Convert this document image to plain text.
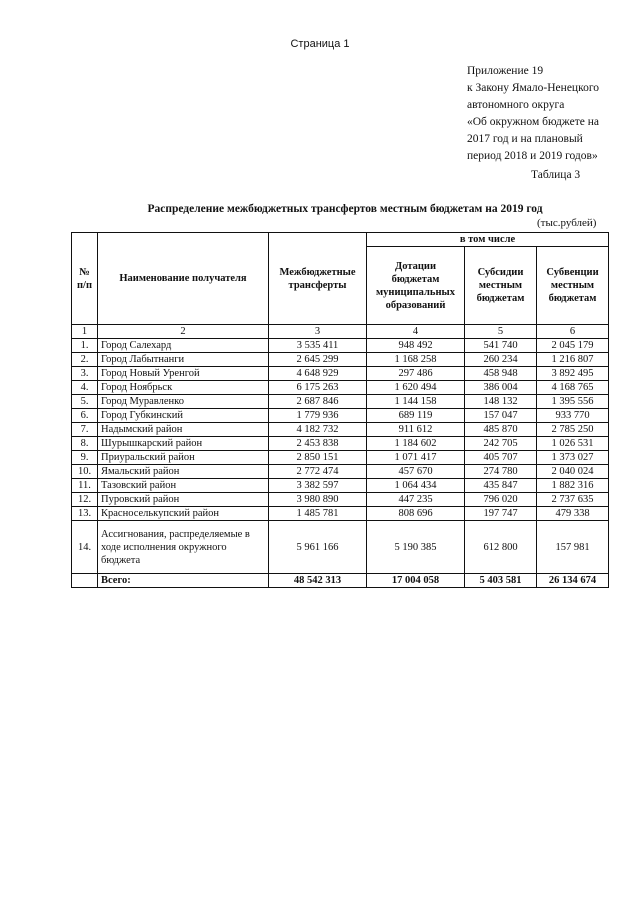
Страница 1
Приложение 19
к Закону Ямало-Ненецкого
автономного округа
«Об окружном бюджете на
2017 год и на плановый
период 2018 и 2019 годов»
Таблица 3
Распределение межбюджетных трансфертов местным бюджетам на 2019 год
(тыс.рублей)
№ п/п	Наименование получателя	Межбюджетные трансферты	в том числе		
			Дотации бюджетам муниципальных образований	Субсидии местным бюджетам	Субвенции местным бюджетам
1	2	3	4	5	6
1.	Город Салехард	3 535 411	948 492	541 740	2 045 179
2.	Город Лабытнанги	2 645 299	1 168 258	260 234	1 216 807
3.	Город Новый Уренгой	4 648 929	297 486	458 948	3 892 495
4.	Город Ноябрьск	6 175 263	1 620 494	386 004	4 168 765
5.	Город Муравленко	2 687 846	1 144 158	148 132	1 395 556
6.	Город Губкинский	1 779 936	689 119	157 047	933 770
7.	Надымский район	4 182 732	911 612	485 870	2 785 250
8.	Шурышкарский район	2 453 838	1 184 602	242 705	1 026 531
9.	Приуральский район	2 850 151	1 071 417	405 707	1 373 027
10.	Ямальский район	2 772 474	457 670	274 780	2 040 024
11.	Тазовский район	3 382 597	1 064 434	435 847	1 882 316
12.	Пуровский район	3 980 890	447 235	796 020	2 737 635
13.	Красноселькупский район	1 485 781	808 696	197 747	479 338
14.	Ассигнования, распределяемые в ходе исполнения окружного бюджета	5 961 166	5 190 385	612 800	157 981
	Всего:	48 542 313	17 004 058	5 403 581	26 134 674
